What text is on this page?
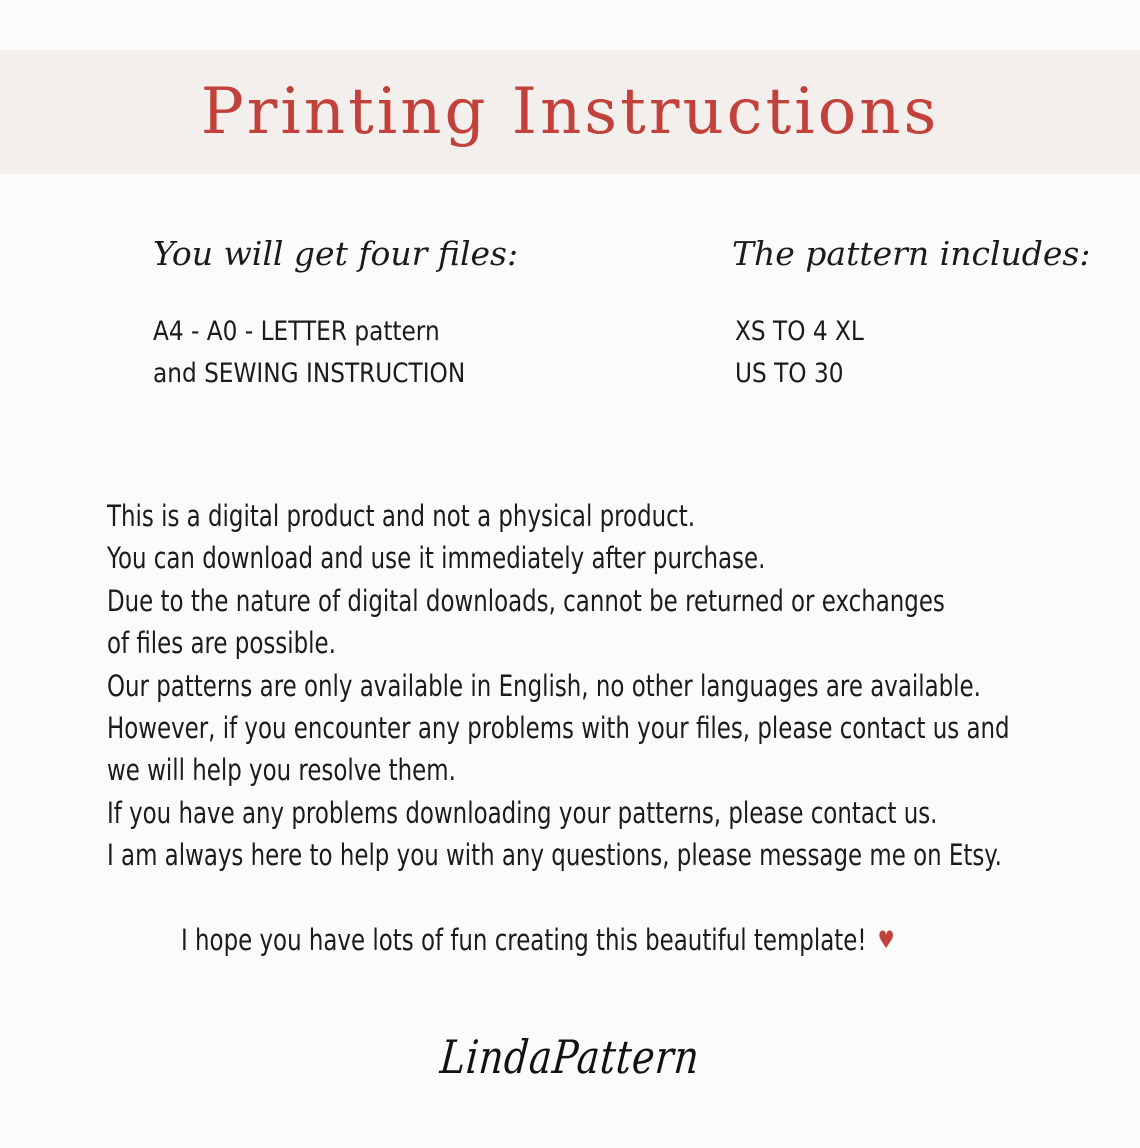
Printing Instructions
You will get four files:
A4 - A0 - LETTER pattern
and SEWING INSTRUCTION
The pattern includes:
XS TO 4 XL
US TO 30
This is a digital product and not a physical product.
You can download and use it immediately after purchase.
Due to the nature of digital downloads, cannot be returned or exchanges
of files are possible.
Our patterns are only available in English, no other languages are available.
However, if you encounter any problems with your files, please contact us and
we will help you resolve them.
If you have any problems downloading your patterns, please contact us.
I am always here to help you with any questions, please message me on Etsy.
I hope you have lots of fun creating this beautiful template! ♥
LindaPattern
